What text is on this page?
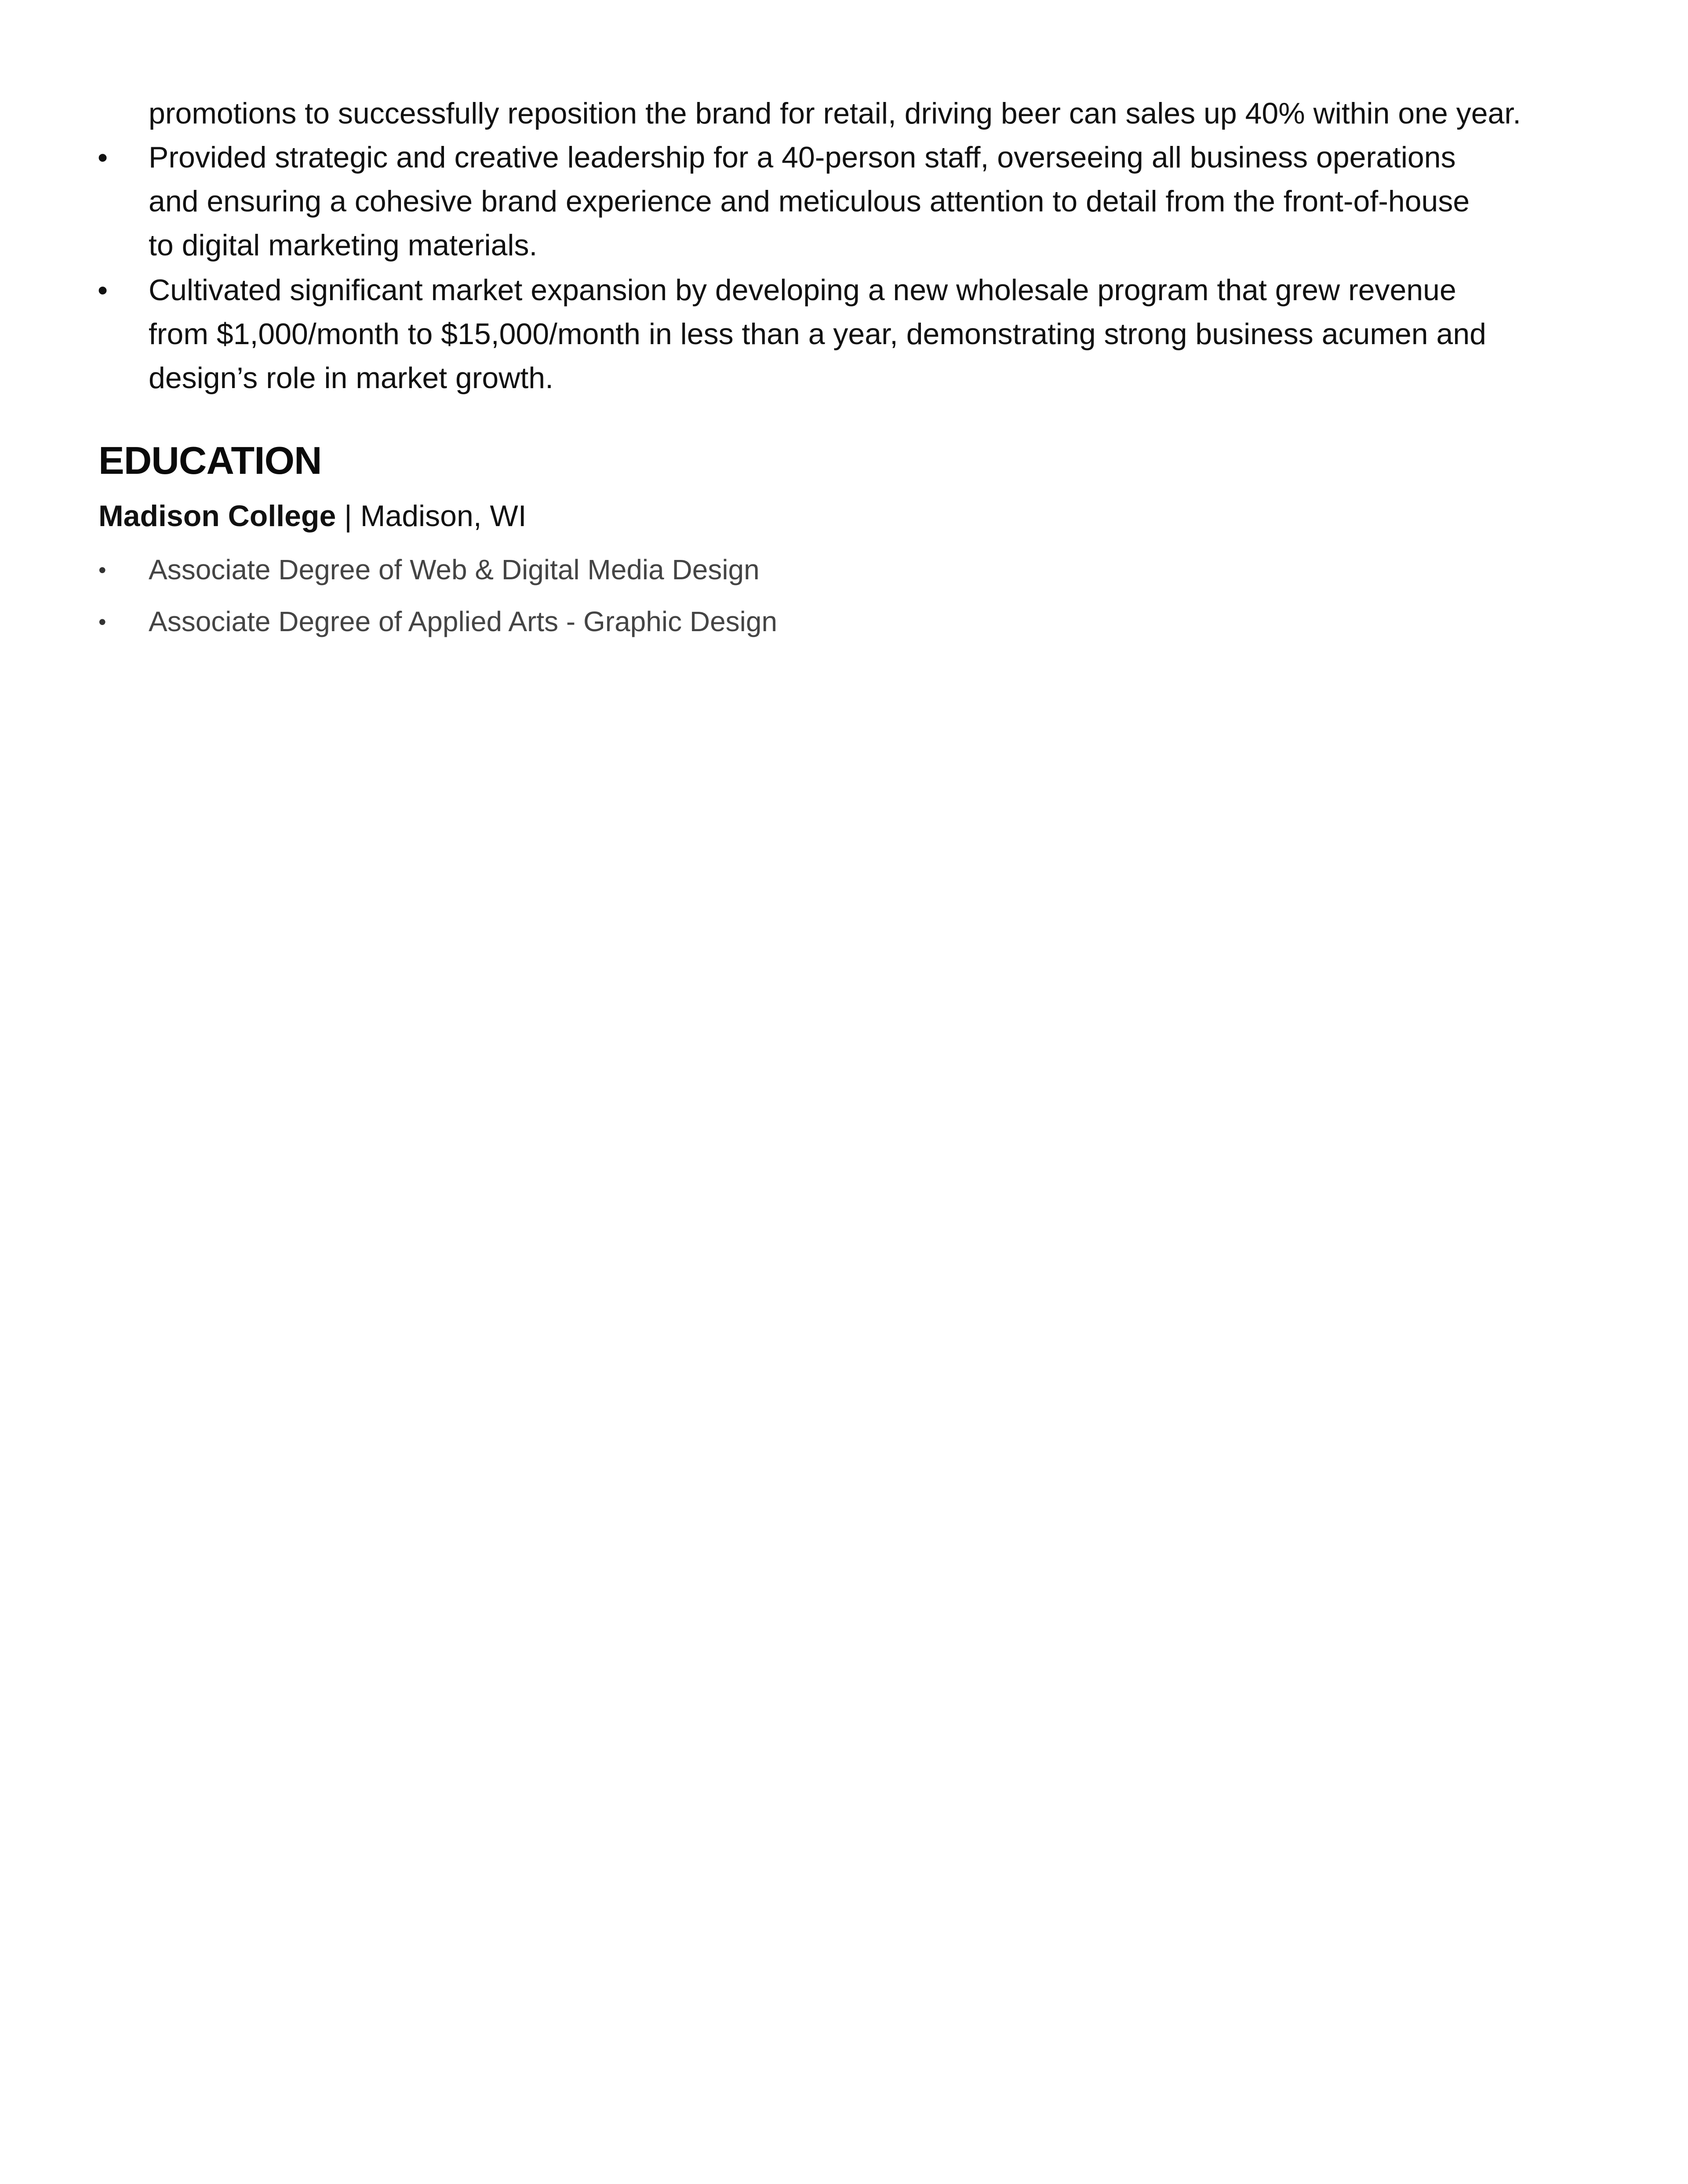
promotions to successfully reposition the brand for retail, driving beer can sales up 40% within one year.
• Provided strategic and creative leadership for a 40-person staff, overseeing all business operations
and ensuring a cohesive brand experience and meticulous attention to detail from the front-of-house
to digital marketing materials.
• Cultivated significant market expansion by developing a new wholesale program that grew revenue
from $1,000/month to $15,000/month in less than a year, demonstrating strong business acumen and
design’s role in market growth.
EDUCATION

Madison College | Madison, WI

• Associate Degree of Web & Digital Media Design
• Associate Degree of Applied Arts - Graphic Design
